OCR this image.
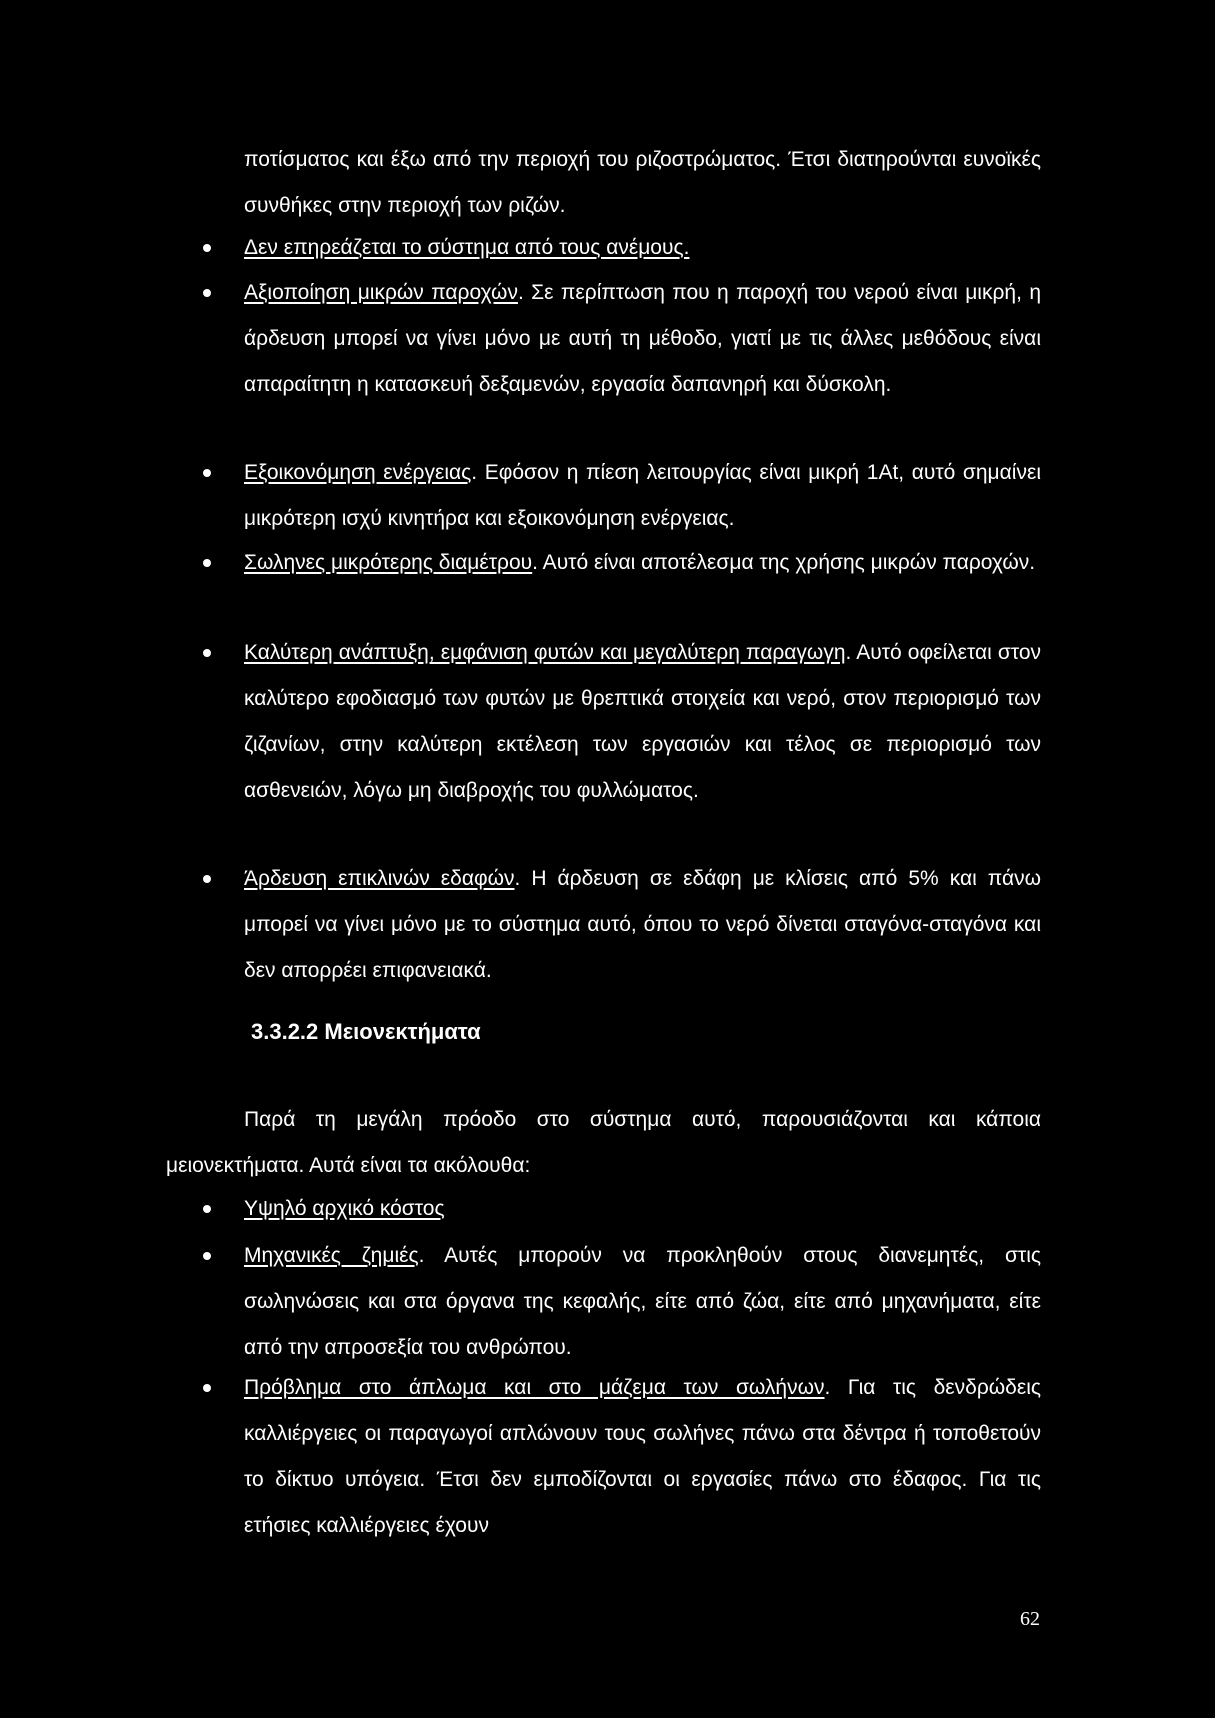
ποτίσματος και έξω από την περιοχή του ριζοστρώματος. Έτσι διατηρούνται ευνοϊκές συνθήκες στην περιοχή των ριζών.

Δεν επηρεάζεται το σύστημα από τους ανέμους.

Αξιοποίηση μικρών παροχών. Σε περίπτωση που η παροχή του νερού είναι μικρή, η άρδευση μπορεί να γίνει μόνο με αυτή τη μέθοδο, γιατί με τις άλλες μεθόδους είναι απαραίτητη η κατασκευή δεξαμενών, εργασία δαπανηρή και δύσκολη.

Εξοικονόμηση ενέργειας. Εφόσον η πίεση λειτουργίας είναι μικρή 1At, αυτό σημαίνει μικρότερη ισχύ κινητήρα και εξοικονόμηση ενέργειας.

Σωληνες μικρότερης διαμέτρου. Αυτό είναι αποτέλεσμα της χρήσης μικρών παροχών.

Καλύτερη ανάπτυξη, εμφάνιση φυτών και μεγαλύτερη παραγωγη. Αυτό οφείλεται στον καλύτερο εφοδιασμό των φυτών με θρεπτικά στοιχεία και νερό, στον περιορισμό των ζιζανίων, στην καλύτερη εκτέλεση των εργασιών και τέλος σε περιορισμό των ασθενειών, λόγω μη διαβροχής του φυλλώματος.

Άρδευση επικλινών εδαφών. Η άρδευση σε εδάφη με κλίσεις από 5% και πάνω μπορεί να γίνει μόνο με το σύστημα αυτό, όπου το νερό δίνεται σταγόνα-σταγόνα και δεν απορρέει επιφανειακά.

3.3.2.2 Μειονεκτήματα

Παρά τη μεγάλη πρόοδο στο σύστημα αυτό, παρουσιάζονται και κάποια μειονεκτήματα. Αυτά είναι τα ακόλουθα:

Υψηλό αρχικό κόστος

Μηχανικές ζημιές. Αυτές μπορούν να προκληθούν στους διανεμητές, στις σωληνώσεις και στα όργανα της κεφαλής, είτε από ζώα, είτε από μηχανήματα, είτε από την απροσεξία του ανθρώπου.

Πρόβλημα στο άπλωμα και στο μάζεμα των σωλήνων. Για τις δενδρώδεις καλλιέργειες οι παραγωγοί απλώνουν τους σωλήνες πάνω στα δέντρα ή τοποθετούν το δίκτυο υπόγεια. Έτσι δεν εμποδίζονται οι εργασίες πάνω στο έδαφος. Για τις ετήσιες καλλιέργειες έχουν

62
